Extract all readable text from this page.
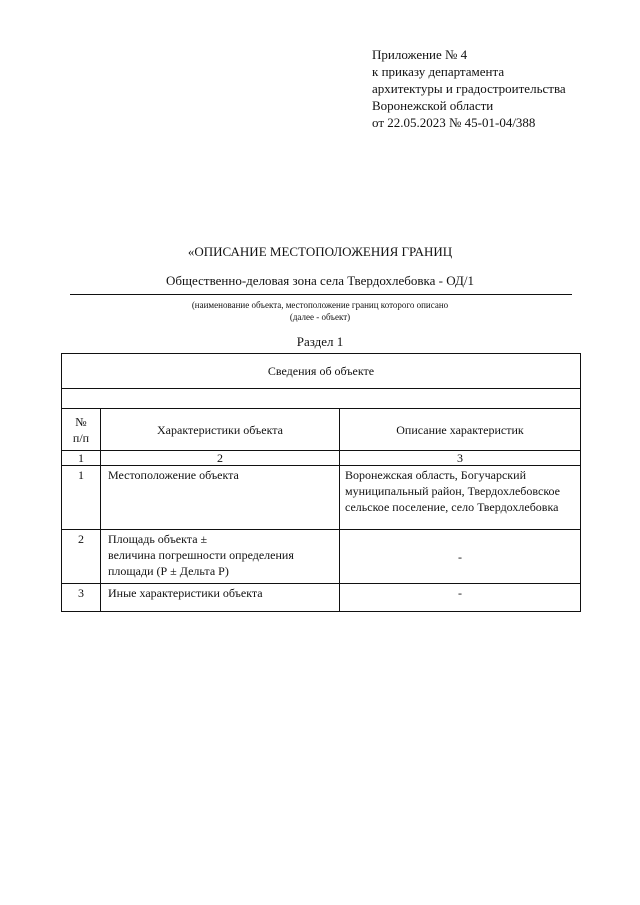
Приложение № 4
к приказу департамента
архитектуры и градостроительства
Воронежской области
от 22.05.2023 № 45-01-04/388
«ОПИСАНИЕ МЕСТОПОЛОЖЕНИЯ ГРАНИЦ
Общественно-деловая зона села Твердохлебовка - ОД/1
(наименование объекта, местоположение границ которого описано
(далее - объект)
Раздел 1
Сведения об объекте		

№
п/п	Характеристики объекта	Описание характеристик
1	2	3
1	Местоположение объекта	Воронежская область, Богучарский
муниципальный район, Твердохлебовское
сельское поселение, село Твердохлебовка

2	Площадь объекта ±
величина погрешности определения
площади (Р ± Дельта Р)	-
3	Иные характеристики объекта	-
